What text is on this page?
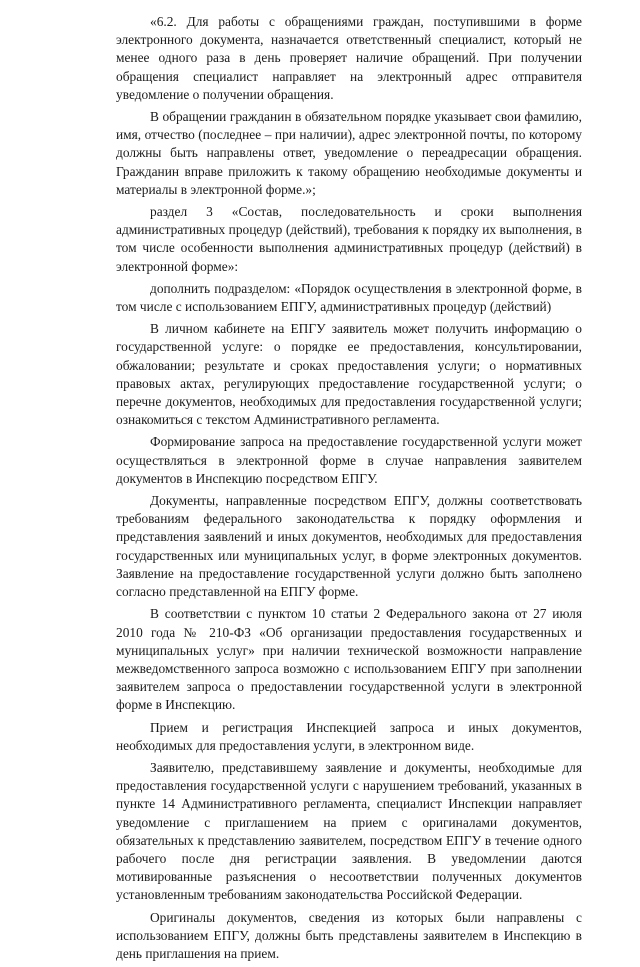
«6.2. Для работы с обращениями граждан, поступившими в форме электронного документа, назначается ответственный специалист, который не менее одного раза в день проверяет наличие обращений. При получении обращения специалист направляет на электронный адрес отправителя уведомление о получении обращения.

В обращении гражданин в обязательном порядке указывает свои фамилию, имя, отчество (последнее – при наличии), адрес электронной почты, по которому должны быть направлены ответ, уведомление о переадресации обращения. Гражданин вправе приложить к такому обращению необходимые документы и материалы в электронной форме.»;

раздел 3 «Состав, последовательность и сроки выполнения административных процедур (действий), требования к порядку их выполнения, в том числе особенности выполнения административных процедур (действий) в электронной форме»:

дополнить подразделом: «Порядок осуществления в электронной форме, в том числе с использованием ЕПГУ, административных процедур (действий)

В личном кабинете на ЕПГУ заявитель может получить информацию о государственной услуге: о порядке ее предоставления, консультировании, обжаловании; результате и сроках предоставления услуги; о нормативных правовых актах, регулирующих предоставление государственной услуги; о перечне документов, необходимых для предоставления государственной услуги; ознакомиться с текстом Административного регламента.

Формирование запроса на предоставление государственной услуги может осуществляться в электронной форме в случае направления заявителем документов в Инспекцию посредством ЕПГУ.

Документы, направленные посредством ЕПГУ, должны соответствовать требованиям федерального законодательства к порядку оформления и представления заявлений и иных документов, необходимых для предоставления государственных или муниципальных услуг, в форме электронных документов. Заявление на предоставление государственной услуги должно быть заполнено согласно представленной на ЕПГУ форме.

В соответствии с пунктом 10 статьи 2 Федерального закона от 27 июля 2010 года № 210-ФЗ «Об организации предоставления государственных и муниципальных услуг» при наличии технической возможности направление межведомственного запроса возможно с использованием ЕПГУ при заполнении заявителем запроса о предоставлении государственной услуги в электронной форме в Инспекцию.

Прием и регистрация Инспекцией запроса и иных документов, необходимых для предоставления услуги, в электронном виде.

Заявителю, представившему заявление и документы, необходимые для предоставления государственной услуги с нарушением требований, указанных в пункте 14 Административного регламента, специалист Инспекции направляет уведомление с приглашением на прием с оригиналами документов, обязательных к представлению заявителем, посредством ЕПГУ в течение одного рабочего после дня регистрации заявления. В уведомлении даются мотивированные разъяснения о несоответствии полученных документов установленным требованиям законодательства Российской Федерации.

Оригиналы документов, сведения из которых были направлены с использованием ЕПГУ, должны быть представлены заявителем в Инспекцию в день приглашения на прием.
